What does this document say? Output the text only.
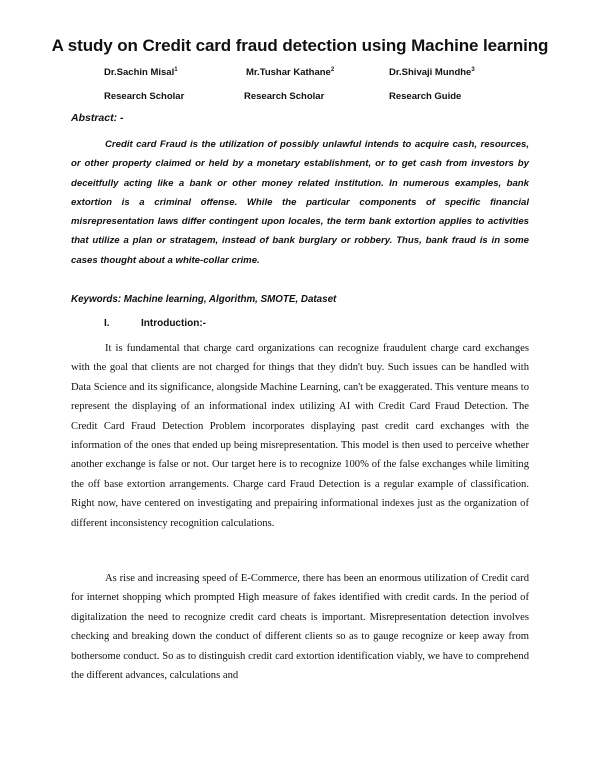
A study on Credit card fraud detection using Machine learning
Dr.Sachin Misal$^1$
Research Scholar
Mr.Tushar Kathane$^2$
Research Scholar
Dr.Shivaji Mundhe$^3$
Research Guide
Abstract: -

Credit card Fraud is the utilization of possibly unlawful intends to acquire cash, resources, or other property claimed or held by a monetary establishment, or to get cash from investors by deceitfully acting like a bank or other money related institution. In numerous examples, bank extortion is a criminal offense. While the particular components of specific financial misrepresentation laws differ contingent upon locales, the term bank extortion applies to activities that utilize a plan or stratagem, instead of bank burglary or robbery. Thus, bank fraud is in some cases thought about a white-collar crime.

Keywords: Machine learning, Algorithm, SMOTE, Dataset
I.	Introduction:-

It is fundamental that charge card organizations can recognize fraudulent charge card exchanges with the goal that clients are not charged for things that they didn't buy. Such issues can be handled with Data Science and its significance, alongside Machine Learning, can't be exaggerated. This venture means to represent the displaying of an informational index utilizing AI with Credit Card Fraud Detection. The Credit Card Fraud Detection Problem incorporates displaying past credit card exchanges with the information of the ones that ended up being misrepresentation. This model is then used to perceive whether another exchange is false or not. Our target here is to recognize 100% of the false exchanges while limiting the off base extortion arrangements. Charge card Fraud Detection is a regular example of classification. Right now, have centered on investigating and prepairing informational indexes just as the organization of different inconsistency recognition calculations.

As rise and increasing speed of E-Commerce, there has been an enormous utilization of Credit card for internet shopping which prompted High measure of fakes identified with credit cards. In the period of digitalization the need to recognize credit card cheats is important. Misrepresentation detection involves checking and breaking down the conduct of different clients so as to gauge recognize or keep away from bothersome conduct. So as to distinguish credit card extortion identification viably, we have to comprehend the different advances, calculations and
